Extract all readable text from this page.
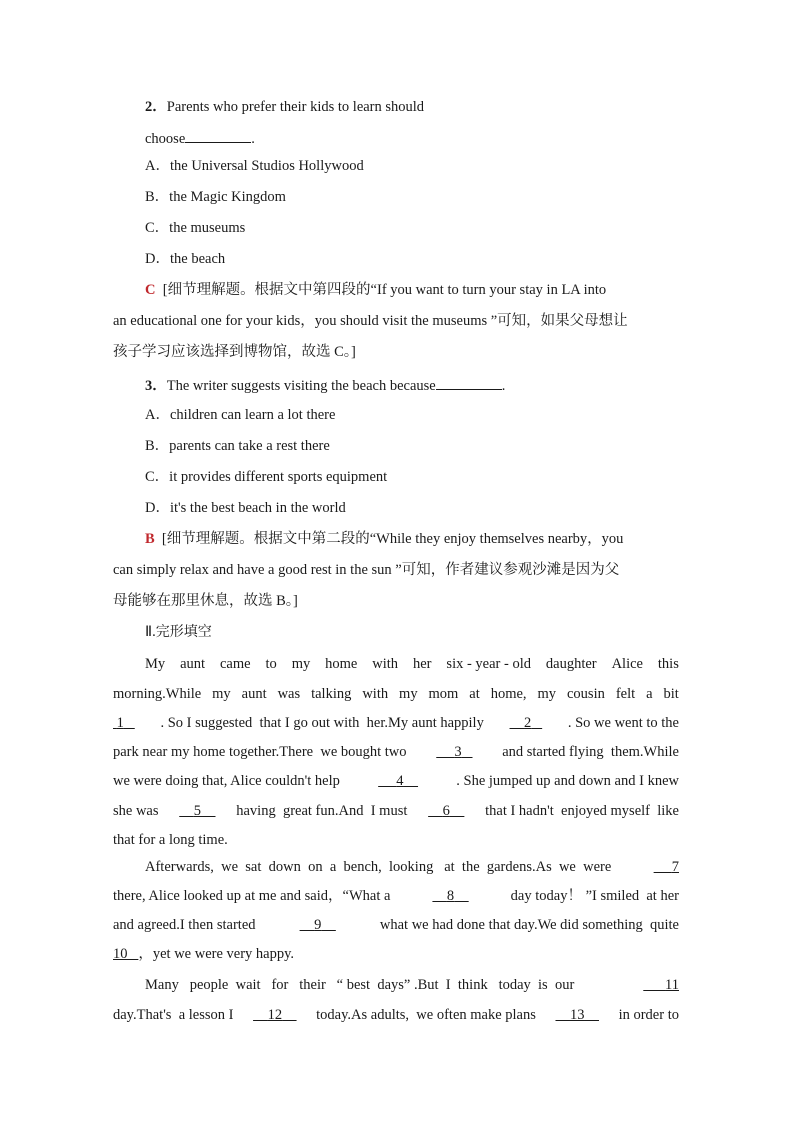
2．Parents who prefer their kids to learn should
choose	.
A．the Universal Studios Hollywood
B．the Magic Kingdom
C．the museums
D．the beach
C [细节理解题。根据文中第四段的“If you want to turn your stay in LA into
an educational one for your kids，you should visit the museums ”可知，如果父母想让
孩子学习应该选择到博物馆，故选 C。]
3．The writer suggests visiting the beach because	.
A．children can learn a lot there
B．parents can take a rest there
C．it provides different sports equipment
D．it's the best beach in the world
B [细节理解题。根据文中第二段的“While they enjoy themselves nearby，you
can simply relax and have a good rest in the sun ”可知，作者建议参观沙滩是因为父
母能够在那里休息，故选 B。]
Ⅱ.完形填空
My aunt came to my home with her six - year - old daughter Alice this
morning.While my aunt was talking with my mom at home, my cousin felt a bit
1	. So I suggested  that I go out with  her.My aunt happily	2	. So we went to the
park near my home together.There  we bought two	3	and started flying  them.While
we were doing that, Alice couldn't help	4	. She jumped up and down and I knew
she was	5	having  great fun.And  I must	6	that I hadn't  enjoyed myself  like
that for a long time.
Afterwards,  we  sat  down  on  a  bench,  looking   at  the  gardens.As  we  were	7
there, Alice looked up at me and said，“What a	8	day today！ ”I smiled  at her
and agreed.I then started	9	what we had done that day.We did something  quite
10 ，yet we were very happy.
Many   people  wait   for   their   “ best  days” .But  I  think   today  is  our	11
day.That's  a lesson I	12	today.As adults,  we often make plans	13	in order to
